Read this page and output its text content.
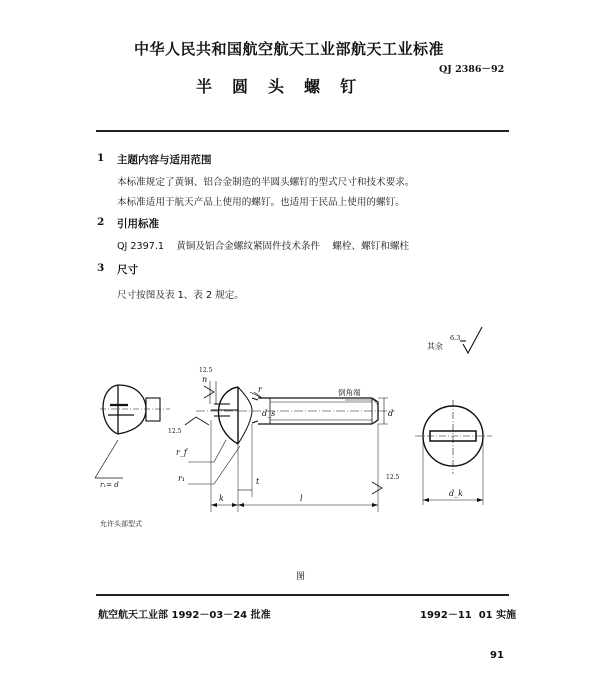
中华人民共和国航空航天工业部航天工业标准
QJ 2386－92
半 圆 头 螺 钉
1 主题内容与适用范围
本标准规定了黄铜、铝合金制造的半圆头螺钉的型式尺寸和技术要求。
本标准适用于航天产品上使用的螺钉。也适用于民品上使用的螺钉。
2 引用标准
QJ 2397.1    黄铜及铝合金螺纹紧固件技术条件    螺栓、螺钉和螺柱
3 尺寸
尺寸按图及表 1、表 2 规定。
其余
6.3
倒角端
r
r_f
r₁
d_s	d
t
k	l
d_k
n
r₁= d
12.5
12.5
12.5
允许头部型式
图
航空航天工业部 1992－03－24 批准	1992－11  01 实施
91
